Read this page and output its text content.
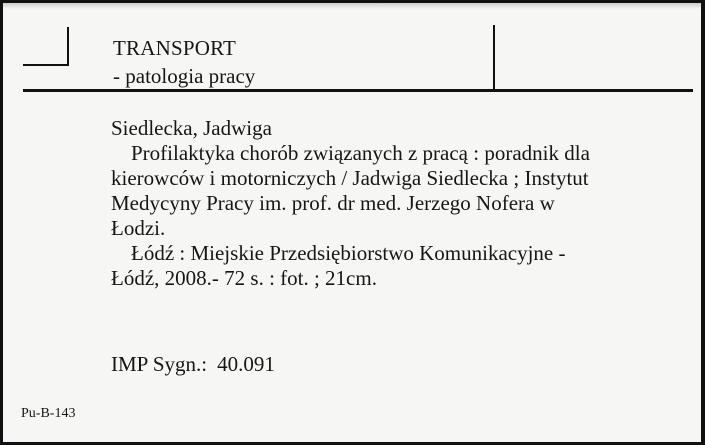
TRANSPORT
- patologia pracy

Siedlecka, Jadwiga

Profilaktyka chorób związanych z pracą : poradnik dla

kierowców i motorniczych / Jadwiga Siedlecka ; Instytut

Medycyny Pracy im. prof. dr med. Jerzego Nofera w

Łodzi.

Łódź : Miejskie Przedsiębiorstwo Komunikacyjne -

Łódź, 2008.- 72 s. : fot. ; 21cm.

IMP Sygn.: 40.091
Pu-B-143
